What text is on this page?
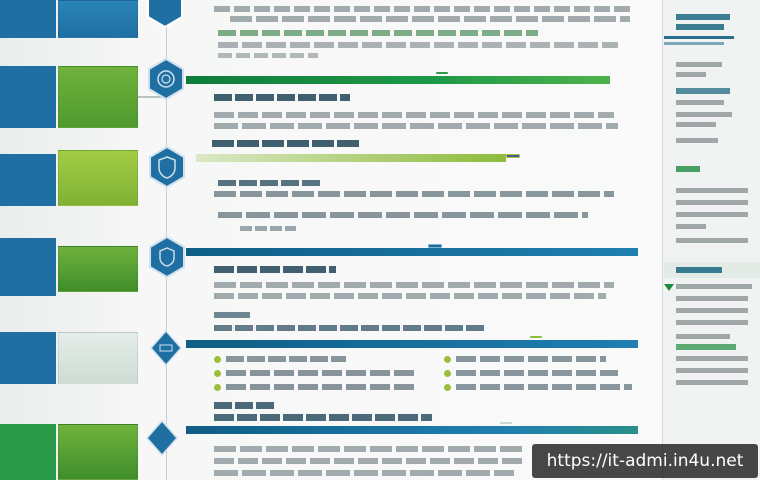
https://it-admi.in4u.net
